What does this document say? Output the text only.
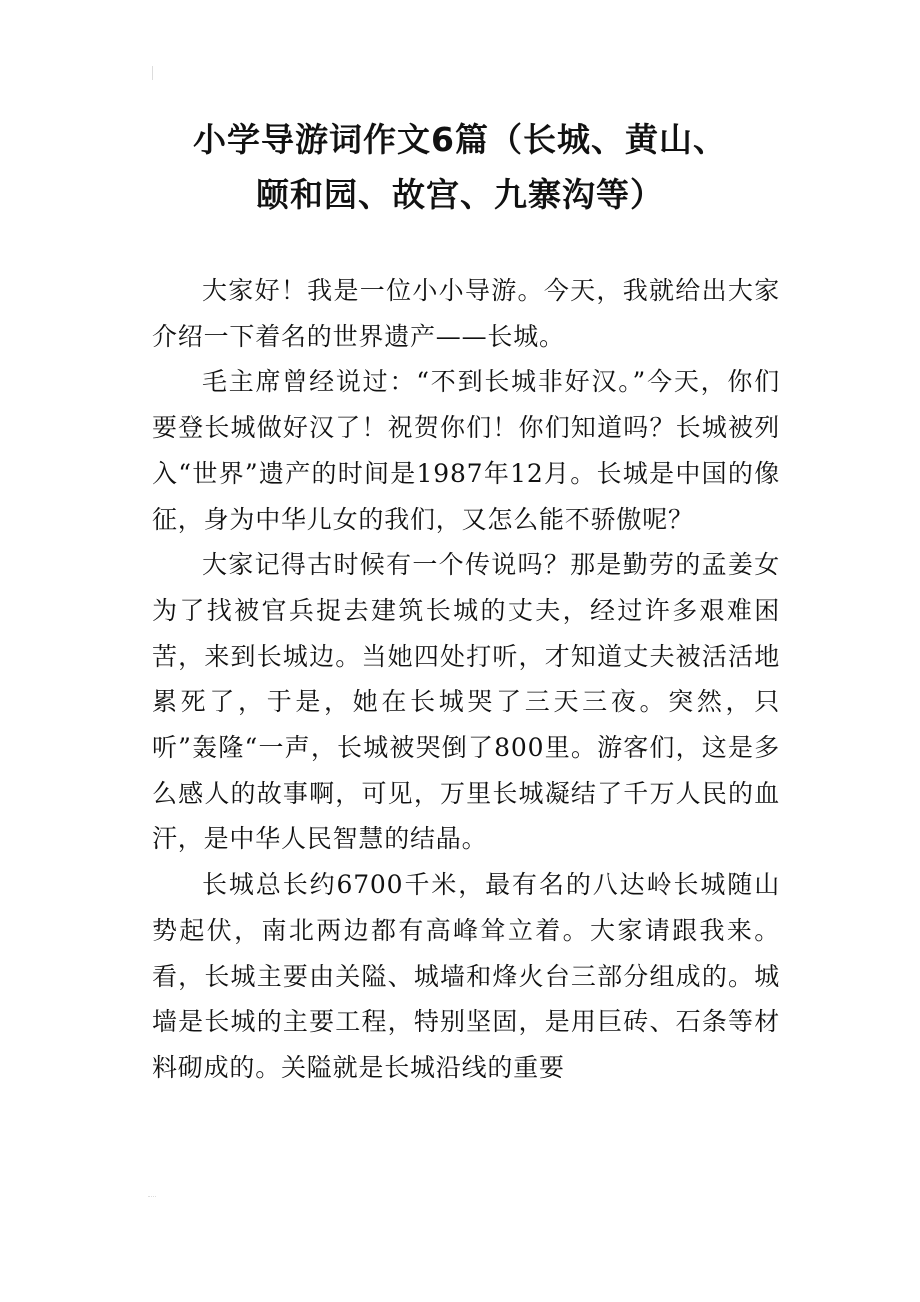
小学导游词作文6篇（长城、黄山、
颐和园、故宫、九寨沟等）

大家好！我是一位小小导游。今天，我就给出大家介绍一下着名的世界遗产——长城。

毛主席曾经说过：“不到长城非好汉。”今天，你们要登长城做好汉了！祝贺你们！你们知道吗？长城被列入“世界”遗产的时间是1987年12月。长城是中国的像征，身为中华儿女的我们，又怎么能不骄傲呢？

大家记得古时候有一个传说吗？那是勤劳的孟姜女为了找被官兵捉去建筑长城的丈夫，经过许多艰难困苦，来到长城边。当她四处打听，才知道丈夫被活活地累死了，于是，她在长城哭了三天三夜。突然，只听”轰隆“一声，长城被哭倒了800里。游客们，这是多么感人的故事啊，可见，万里长城凝结了千万人民的血汗，是中华人民智慧的结晶。

长城总长约6700千米，最有名的八达岭长城随山势起伏，南北两边都有高峰耸立着。大家请跟我来。看，长城主要由关隘、城墙和烽火台三部分组成的。城墙是长城的主要工程，特别坚固，是用巨砖、石条等材料砌成的。关隘就是长城沿线的重要
